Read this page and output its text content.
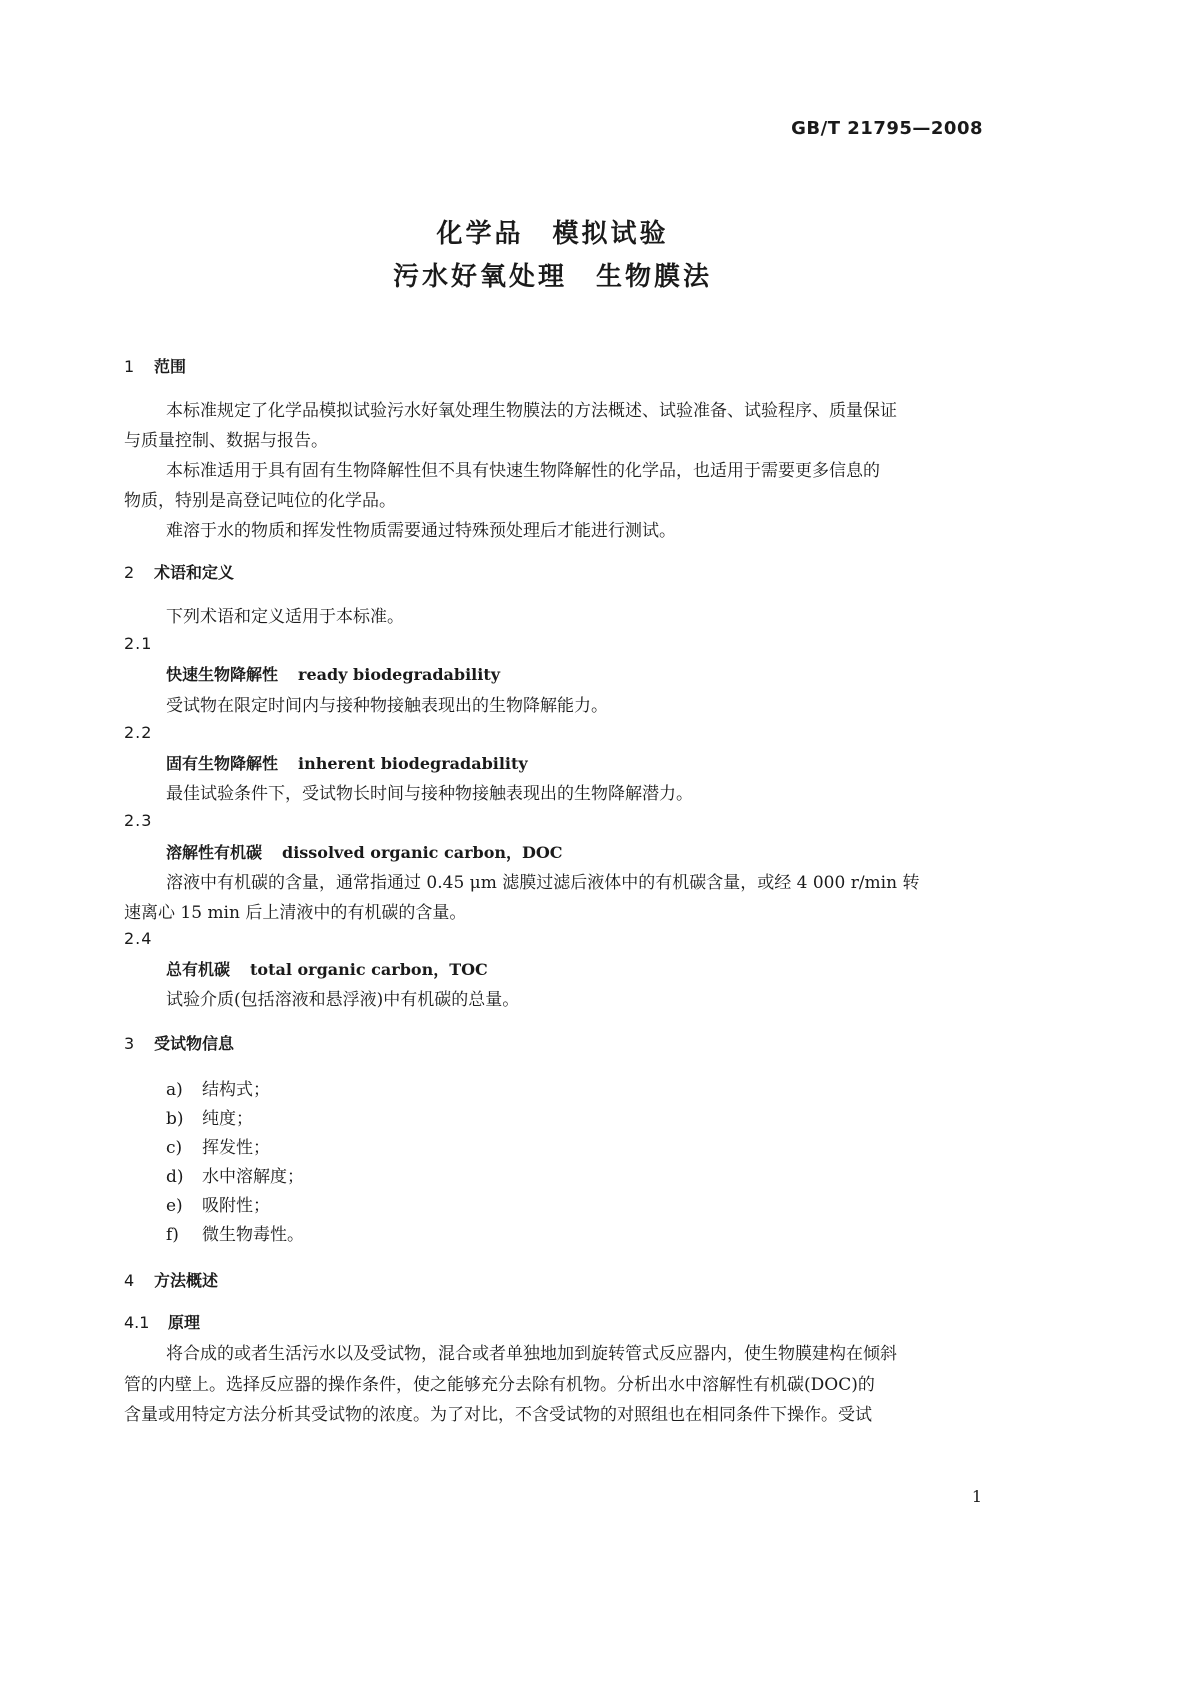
GB/T 21795—2008
化学品　模拟试验
污水好氧处理　生物膜法
1 范围
本标准规定了化学品模拟试验污水好氧处理生物膜法的方法概述、试验准备、试验程序、质量保证
与质量控制、数据与报告。
本标准适用于具有固有生物降解性但不具有快速生物降解性的化学品，也适用于需要更多信息的
物质，特别是高登记吨位的化学品。
难溶于水的物质和挥发性物质需要通过特殊预处理后才能进行测试。
2 术语和定义
下列术语和定义适用于本标准。
2.1
快速生物降解性 ready biodegradability
受试物在限定时间内与接种物接触表现出的生物降解能力。
2.2
固有生物降解性 inherent biodegradability
最佳试验条件下，受试物长时间与接种物接触表现出的生物降解潜力。
2.3
溶解性有机碳 dissolved organic carbon，DOC
溶液中有机碳的含量，通常指通过 0.45 μm 滤膜过滤后液体中的有机碳含量，或经 4 000 r/min 转
速离心 15 min 后上清液中的有机碳的含量。
2.4
总有机碳 total organic carbon，TOC
试验介质(包括溶液和悬浮液)中有机碳的总量。
3 受试物信息
a) 结构式；
b) 纯度；
c) 挥发性；
d) 水中溶解度；
e) 吸附性；
f) 微生物毒性。
4 方法概述
4.1 原理
将合成的或者生活污水以及受试物，混合或者单独地加到旋转管式反应器内，使生物膜建构在倾斜
管的内壁上。选择反应器的操作条件，使之能够充分去除有机物。分析出水中溶解性有机碳(DOC)的
含量或用特定方法分析其受试物的浓度。为了对比，不含受试物的对照组也在相同条件下操作。受试
1
